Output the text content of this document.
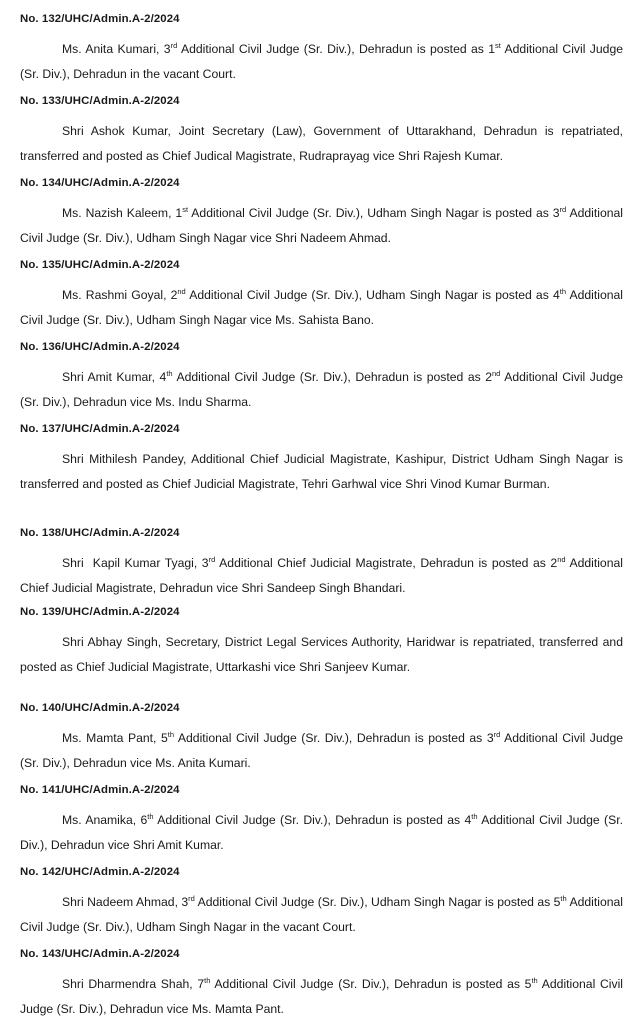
No. 132/UHC/Admin.A-2/2024

Ms. Anita Kumari, 3rd Additional Civil Judge (Sr. Div.), Dehradun is posted as 1st Additional Civil Judge (Sr. Div.), Dehradun in the vacant Court.

No. 133/UHC/Admin.A-2/2024

Shri Ashok Kumar, Joint Secretary (Law), Government of Uttarakhand, Dehradun is repatriated, transferred and posted as Chief Judical Magistrate, Rudraprayag vice Shri Rajesh Kumar.

No. 134/UHC/Admin.A-2/2024

Ms. Nazish Kaleem, 1st Additional Civil Judge (Sr. Div.), Udham Singh Nagar is posted as 3rd Additional Civil Judge (Sr. Div.), Udham Singh Nagar vice Shri Nadeem Ahmad.

No. 135/UHC/Admin.A-2/2024

Ms. Rashmi Goyal, 2nd Additional Civil Judge (Sr. Div.), Udham Singh Nagar is posted as 4th Additional Civil Judge (Sr. Div.), Udham Singh Nagar vice Ms. Sahista Bano.

No. 136/UHC/Admin.A-2/2024

Shri Amit Kumar, 4th Additional Civil Judge (Sr. Div.), Dehradun is posted as 2nd Additional Civil Judge (Sr. Div.), Dehradun vice Ms. Indu Sharma.

No. 137/UHC/Admin.A-2/2024

Shri Mithilesh Pandey, Additional Chief Judicial Magistrate, Kashipur, District Udham Singh Nagar is transferred and posted as Chief Judicial Magistrate, Tehri Garhwal vice Shri Vinod Kumar Burman.

No. 138/UHC/Admin.A-2/2024

Shri  Kapil Kumar Tyagi, 3rd Additional Chief Judicial Magistrate, Dehradun is posted as 2nd Additional Chief Judicial Magistrate, Dehradun vice Shri Sandeep Singh Bhandari.

No. 139/UHC/Admin.A-2/2024

Shri Abhay Singh, Secretary, District Legal Services Authority, Haridwar is repatriated, transferred and posted as Chief Judicial Magistrate, Uttarkashi vice Shri Sanjeev Kumar.

No. 140/UHC/Admin.A-2/2024

Ms. Mamta Pant, 5th Additional Civil Judge (Sr. Div.), Dehradun is posted as 3rd Additional Civil Judge (Sr. Div.), Dehradun vice Ms. Anita Kumari.

No. 141/UHC/Admin.A-2/2024

Ms. Anamika, 6th Additional Civil Judge (Sr. Div.), Dehradun is posted as 4th Additional Civil Judge (Sr. Div.), Dehradun vice Shri Amit Kumar.

No. 142/UHC/Admin.A-2/2024

Shri Nadeem Ahmad, 3rd Additional Civil Judge (Sr. Div.), Udham Singh Nagar is posted as 5th Additional Civil Judge (Sr. Div.), Udham Singh Nagar in the vacant Court.

No. 143/UHC/Admin.A-2/2024

Shri Dharmendra Shah, 7th Additional Civil Judge (Sr. Div.), Dehradun is posted as 5th Additional Civil Judge (Sr. Div.), Dehradun vice Ms. Mamta Pant.
